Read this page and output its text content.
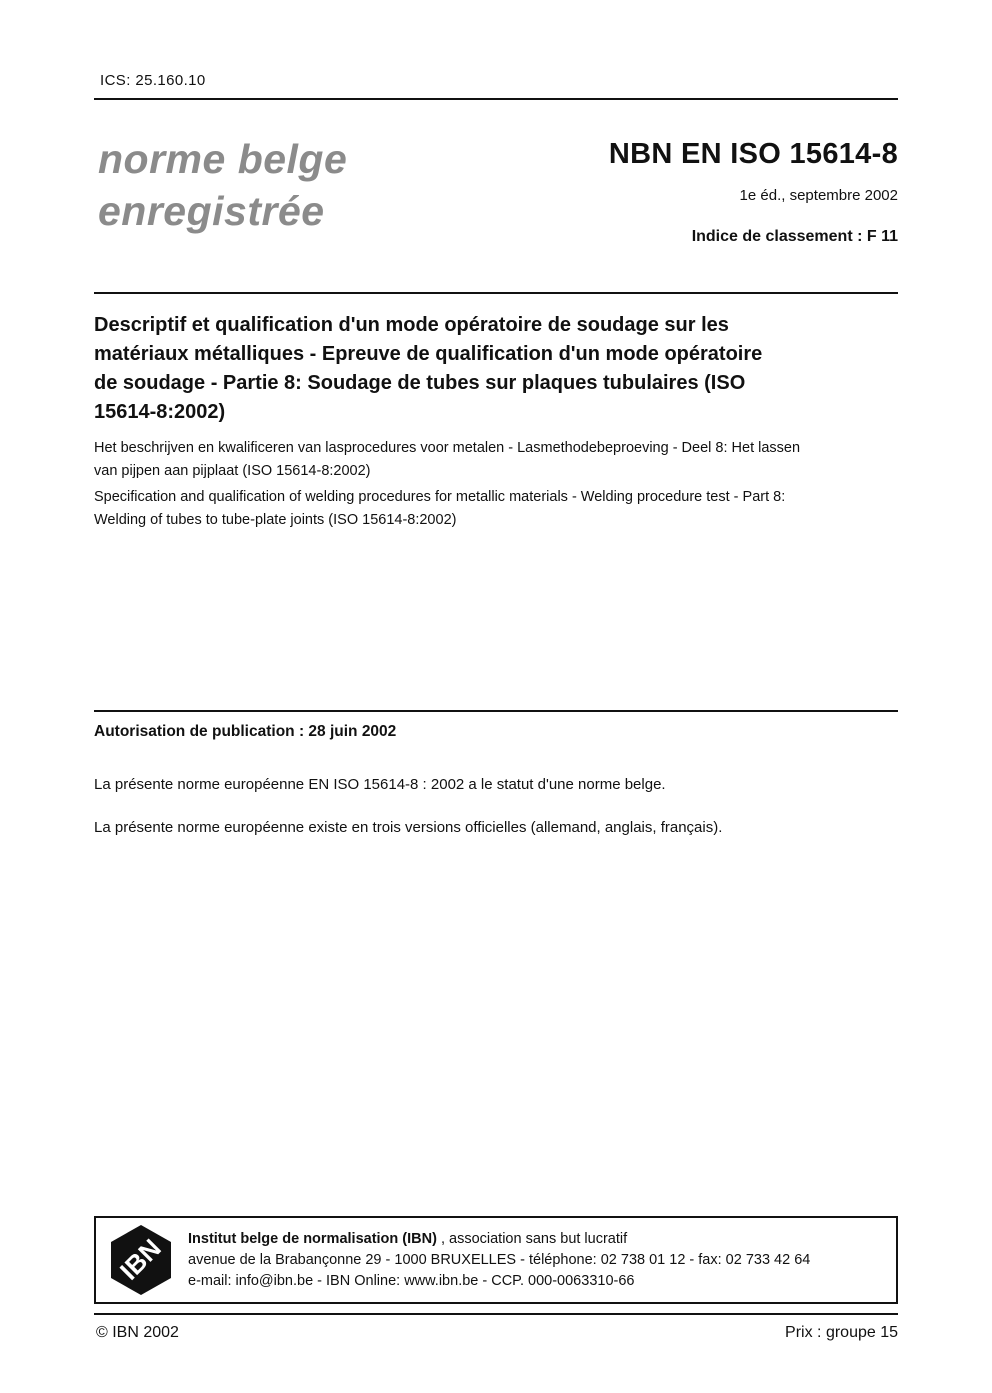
ICS: 25.160.10
norme belge
enregistrée
NBN EN ISO 15614-8
1e éd., septembre 2002
Indice de classement : F 11
Descriptif et qualification d'un mode opératoire de soudage sur les
matériaux métalliques - Epreuve de qualification d'un mode opératoire
de soudage - Partie 8: Soudage de tubes sur plaques tubulaires (ISO
15614-8:2002)
Het beschrijven en kwalificeren van lasprocedures voor metalen - Lasmethodebeproeving - Deel 8: Het lassen
van pijpen aan pijplaat (ISO 15614-8:2002)
Specification and qualification of welding procedures for metallic materials - Welding procedure test - Part 8:
Welding of tubes to tube-plate joints (ISO 15614-8:2002)
Autorisation de publication : 28 juin 2002
La présente norme européenne EN ISO 15614-8 : 2002 a le statut d'une norme belge.
La présente norme européenne existe en trois versions officielles (allemand, anglais, français).
IBN Institut belge de normalisation (IBN) , association sans but lucratif
avenue de la Brabançonne 29 - 1000 BRUXELLES - téléphone: 02 738 01 12 - fax: 02 733 42 64
e-mail: info@ibn.be - IBN Online: www.ibn.be - CCP. 000-0063310-66
© IBN 2002	Prix : groupe 15
